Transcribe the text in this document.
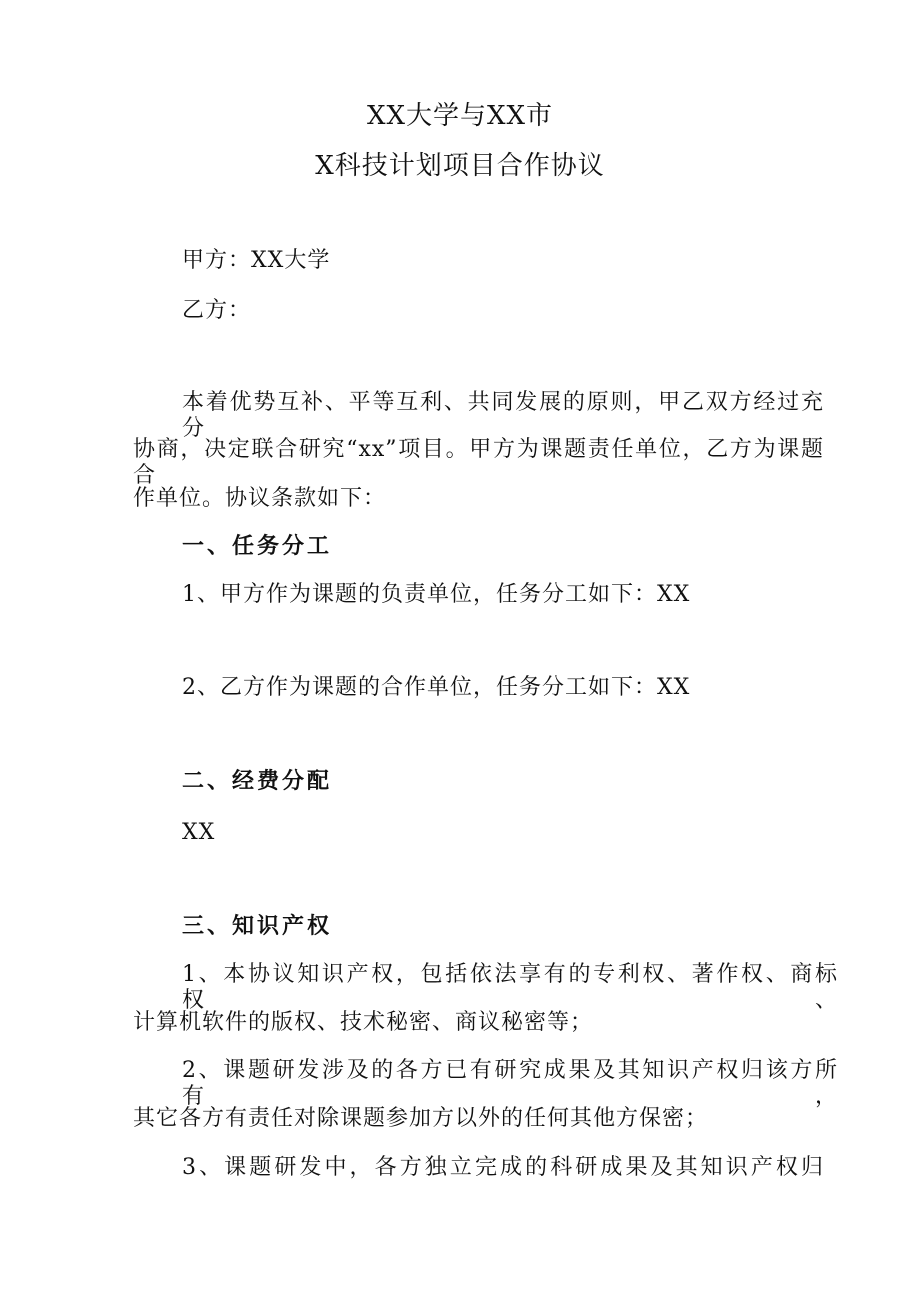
XX大学与XX市
X科技计划项目合作协议
甲方：XX大学
乙方：
本着优势互补、平等互利、共同发展的原则，甲乙双方经过充分
协商，决定联合研究“xx”项目。甲方为课题责任单位，乙方为课题合
作单位。协议条款如下：
一、任务分工
1、甲方作为课题的负责单位，任务分工如下：XX
2、乙方作为课题的合作单位，任务分工如下：XX
二、经费分配
XX
三、知识产权
1、本协议知识产权，包括依法享有的专利权、著作权、商标权、
计算机软件的版权、技术秘密、商议秘密等；
2、课题研发涉及的各方已有研究成果及其知识产权归该方所有，
其它各方有责任对除课题参加方以外的任何其他方保密；
3、课题研发中，各方独立完成的科研成果及其知识产权归
